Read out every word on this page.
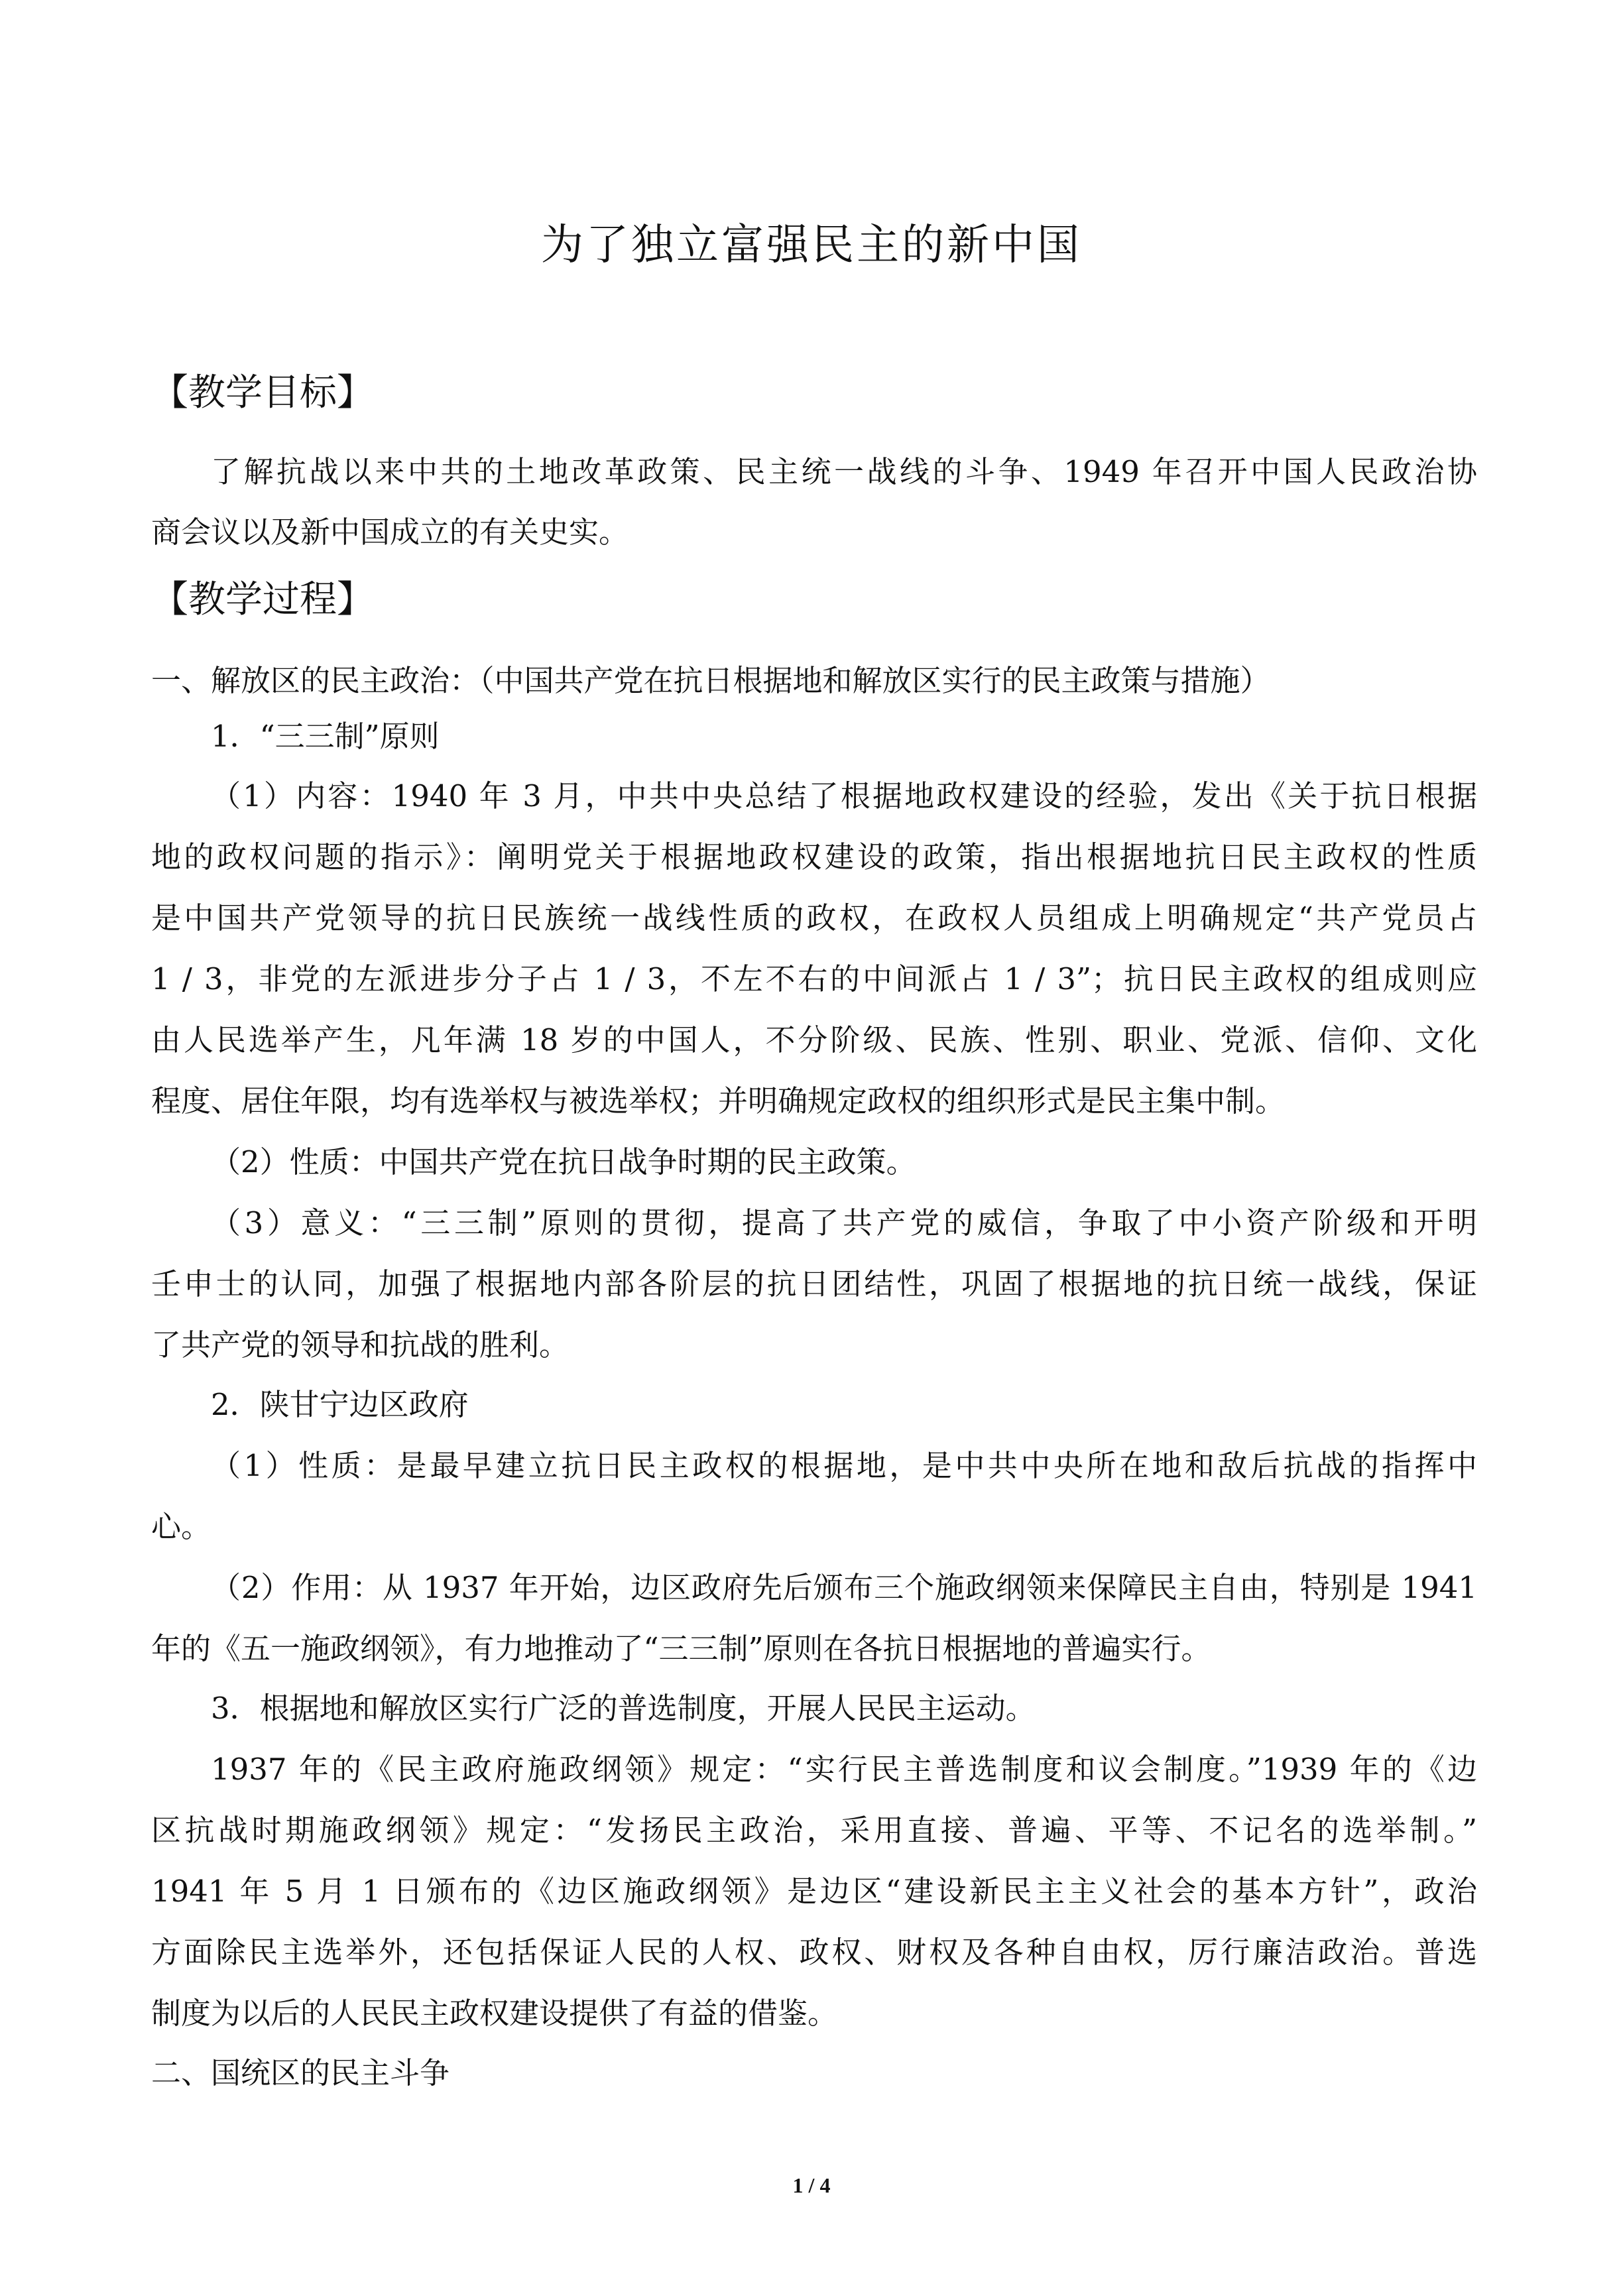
为了独立富强民主的新中国
【教学目标】

了解抗战以来中共的土地改革政策、民主统一战线的斗争、1949 年召开中国人民政治协

商会议以及新中国成立的有关史实。

【教学过程】

一、解放区的民主政治：（中国共产党在抗日根据地和解放区实行的民主政策与措施）

1．“三三制”原则

（1）内容：1940 年 3 月，中共中央总结了根据地政权建设的经验，发出《关于抗日根据

地的政权问题的指示》：阐明党关于根据地政权建设的政策，指出根据地抗日民主政权的性质

是中国共产党领导的抗日民族统一战线性质的政权，在政权人员组成上明确规定“共产党员占

1 / 3，非党的左派进步分子占 1 / 3，不左不右的中间派占 1 / 3”；抗日民主政权的组成则应

由人民选举产生，凡年满 18 岁的中国人，不分阶级、民族、性别、职业、党派、信仰、文化

程度、居住年限，均有选举权与被选举权；并明确规定政权的组织形式是民主集中制。

（2）性质：中国共产党在抗日战争时期的民主政策。

（3）意义：“三三制”原则的贯彻，提高了共产党的威信，争取了中小资产阶级和开明

壬申士的认同，加强了根据地内部各阶层的抗日团结性，巩固了根据地的抗日统一战线，保证

了共产党的领导和抗战的胜利。

2．陕甘宁边区政府

（1）性质：是最早建立抗日民主政权的根据地，是中共中央所在地和敌后抗战的指挥中

心。

（2）作用：从 1937 年开始，边区政府先后颁布三个施政纲领来保障民主自由，特别是 1941

年的《五一施政纲领》，有力地推动了“三三制”原则在各抗日根据地的普遍实行。

3．根据地和解放区实行广泛的普选制度，开展人民民主运动。

1937 年的《民主政府施政纲领》规定：“实行民主普选制度和议会制度。”1939 年的《边

区抗战时期施政纲领》规定：“发扬民主政治，采用直接、普遍、平等、不记名的选举制。”

1941 年 5 月 1 日颁布的《边区施政纲领》是边区“建设新民主主义社会的基本方针”，政治

方面除民主选举外，还包括保证人民的人权、政权、财权及各种自由权，厉行廉洁政治。普选

制度为以后的人民民主政权建设提供了有益的借鉴。

二、国统区的民主斗争

1 / 4
